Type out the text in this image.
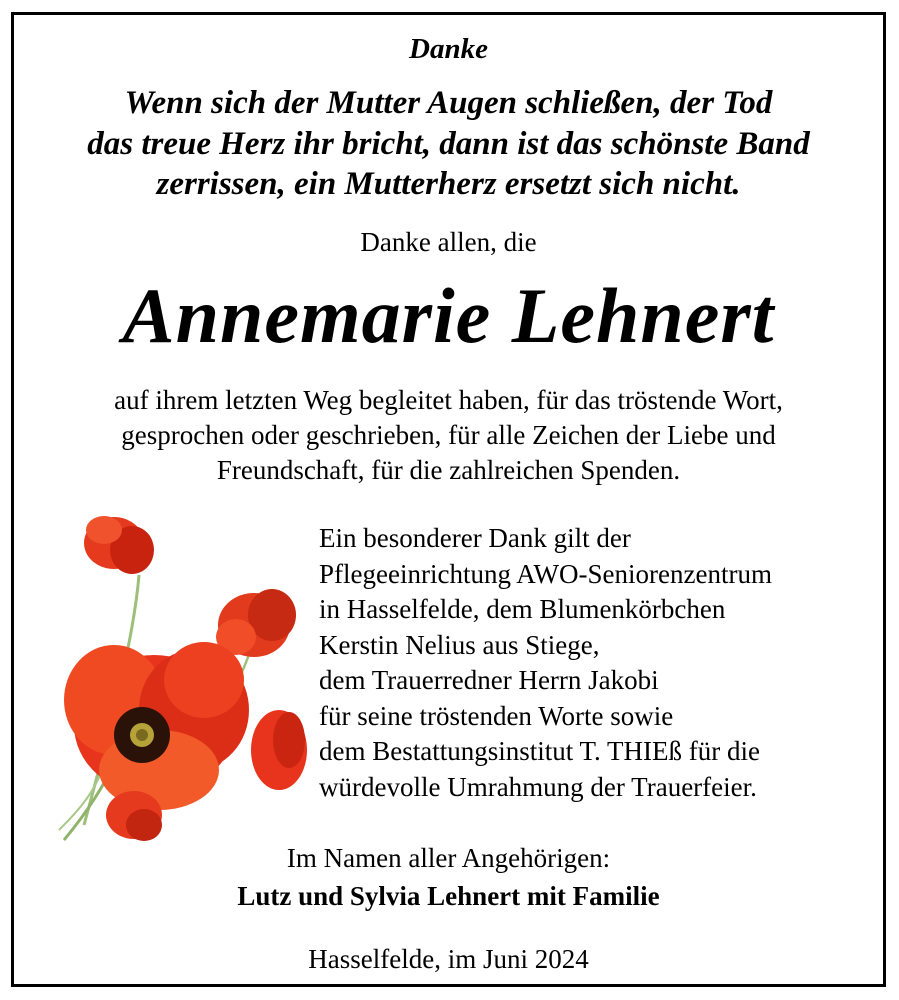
Danke
Wenn sich der Mutter Augen schließen, der Tod
das treue Herz ihr bricht, dann ist das schönste Band
zerrissen, ein Mutterherz ersetzt sich nicht.
Danke allen, die
Annemarie Lehnert
auf ihrem letzten Weg begleitet haben, für das tröstende Wort,
gesprochen oder geschrieben, für alle Zeichen der Liebe und
Freundschaft, für die zahlreichen Spenden.
Ein besonderer Dank gilt der
Pflegeeinrichtung AWO-Seniorenzentrum
in Hasselfelde, dem Blumenkörbchen
Kerstin Nelius aus Stiege,
dem Trauerredner Herrn Jakobi
für seine tröstenden Worte sowie
dem Bestattungsinstitut T. THIEß für die
würdevolle Umrahmung der Trauerfeier.
Im Namen aller Angehörigen:
Lutz und Sylvia Lehnert mit Familie
Hasselfelde, im Juni 2024
